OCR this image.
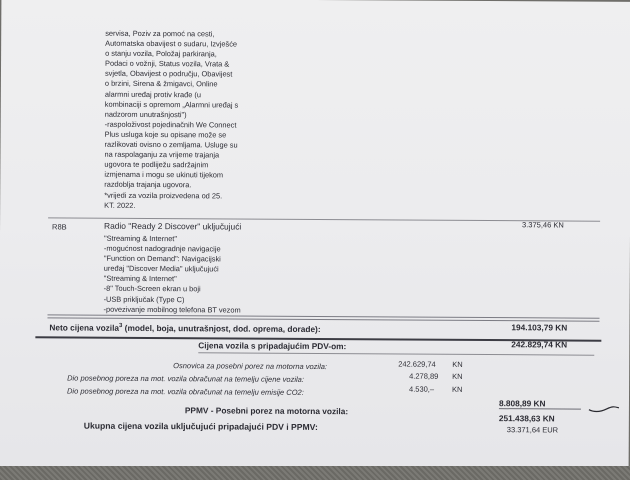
servisa, Poziv za pomoć na cesti,
Automatska obavijest o sudaru, Izvješće
o stanju vozila, Položaj parkiranja,
Podaci o vožnji, Status vozila, Vrata &
svjetla, Obavijest o području, Obavijest
o brzini, Sirena & žmigavci, Online
alarmni uređaj protiv krađe (u
kombinaciji s opremom „Alarmni uređaj s
nadzorom unutrašnjosti")
-raspoloživost pojedinačnih We Connect
Plus usluga koje su opisane može se
razlikovati ovisno o zemljama. Usluge su
na raspolaganju za vrijeme trajanja
ugovora te podliježu sadržajnim
izmjenama i mogu se ukinuti tijekom
razdoblja trajanja ugovora.
*vrijedi za vozila proizvedena od 25.
KT. 2022.
R8B	Radio "Ready 2 Discover" uključujući	3.375,46 KN
"Streaming & Internet"
-mogućnost nadogradnje navigacije
"Function on Demand": Navigacijski
uređaj "Discover Media" uključujući
"Streaming & Internet"
-8" Touch-Screen ekran u boji
-USB priključak (Type C)
-povezivanje mobilnog telefona BT vezom
Neto cijena vozila$^3$ (model, boja, unutrašnjost, dod. oprema, dorade):	194.103,79 KN
Cijena vozila s pripadajućim PDV-om:	242.829,74 KN
Osnovica za posebni porez na motorna vozila:	242.629,74 KN
Dio posebnog poreza na mot. vozila obračunat na temelju cijene vozila:	4.278,89 KN
Dio posebnog poreza na mot. vozila obračunat na temelju emisije CO2:	4.530,– KN
PPMV - Posebni porez na motorna vozila:
8.808,89 KN
Ukupna cijena vozila uključujući pripadajući PDV i PPMV:
251.438,63 KN
33.371,64 EUR
